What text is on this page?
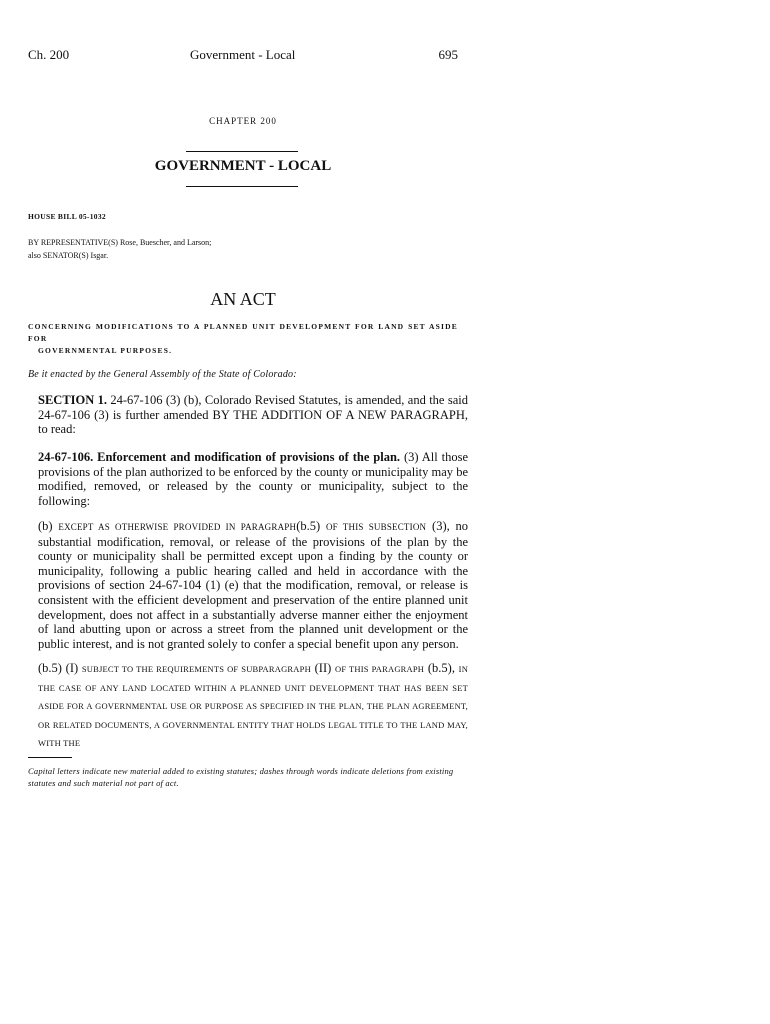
Ch. 200	Government - Local	695
CHAPTER 200
GOVERNMENT - LOCAL
HOUSE BILL 05-1032
BY REPRESENTATIVE(S) Rose, Buescher, and Larson;
also SENATOR(S) Isgar.
AN ACT
CONCERNING MODIFICATIONS TO A PLANNED UNIT DEVELOPMENT FOR LAND SET ASIDE FOR
GOVERNMENTAL PURPOSES.
Be it enacted by the General Assembly of the State of Colorado:
SECTION 1. 24-67-106 (3) (b), Colorado Revised Statutes, is amended, and the said 24-67-106 (3) is further amended BY THE ADDITION OF A NEW PARAGRAPH, to read:
24-67-106. Enforcement and modification of provisions of the plan. (3) All those provisions of the plan authorized to be enforced by the county or municipality may be modified, removed, or released by the county or municipality, subject to the following:
(b) EXCEPT AS OTHERWISE PROVIDED IN PARAGRAPH(b.5) OF THIS SUBSECTION (3), no substantial modification, removal, or release of the provisions of the plan by the county or municipality shall be permitted except upon a finding by the county or municipality, following a public hearing called and held in accordance with the provisions of section 24-67-104 (1) (e) that the modification, removal, or release is consistent with the efficient development and preservation of the entire planned unit development, does not affect in a substantially adverse manner either the enjoyment of land abutting upon or across a street from the planned unit development or the public interest, and is not granted solely to confer a special benefit upon any person.
(b.5) (I) SUBJECT TO THE REQUIREMENTS OF SUBPARAGRAPH (II) OF THIS PARAGRAPH (b.5), IN THE CASE OF ANY LAND LOCATED WITHIN A PLANNED UNIT DEVELOPMENT THAT HAS BEEN SET ASIDE FOR A GOVERNMENTAL USE OR PURPOSE AS SPECIFIED IN THE PLAN, THE PLAN AGREEMENT, OR RELATED DOCUMENTS, A GOVERNMENTAL ENTITY THAT HOLDS LEGAL TITLE TO THE LAND MAY, WITH THE
Capital letters indicate new material added to existing statutes; dashes through words indicate deletions from existing statutes and such material not part of act.
